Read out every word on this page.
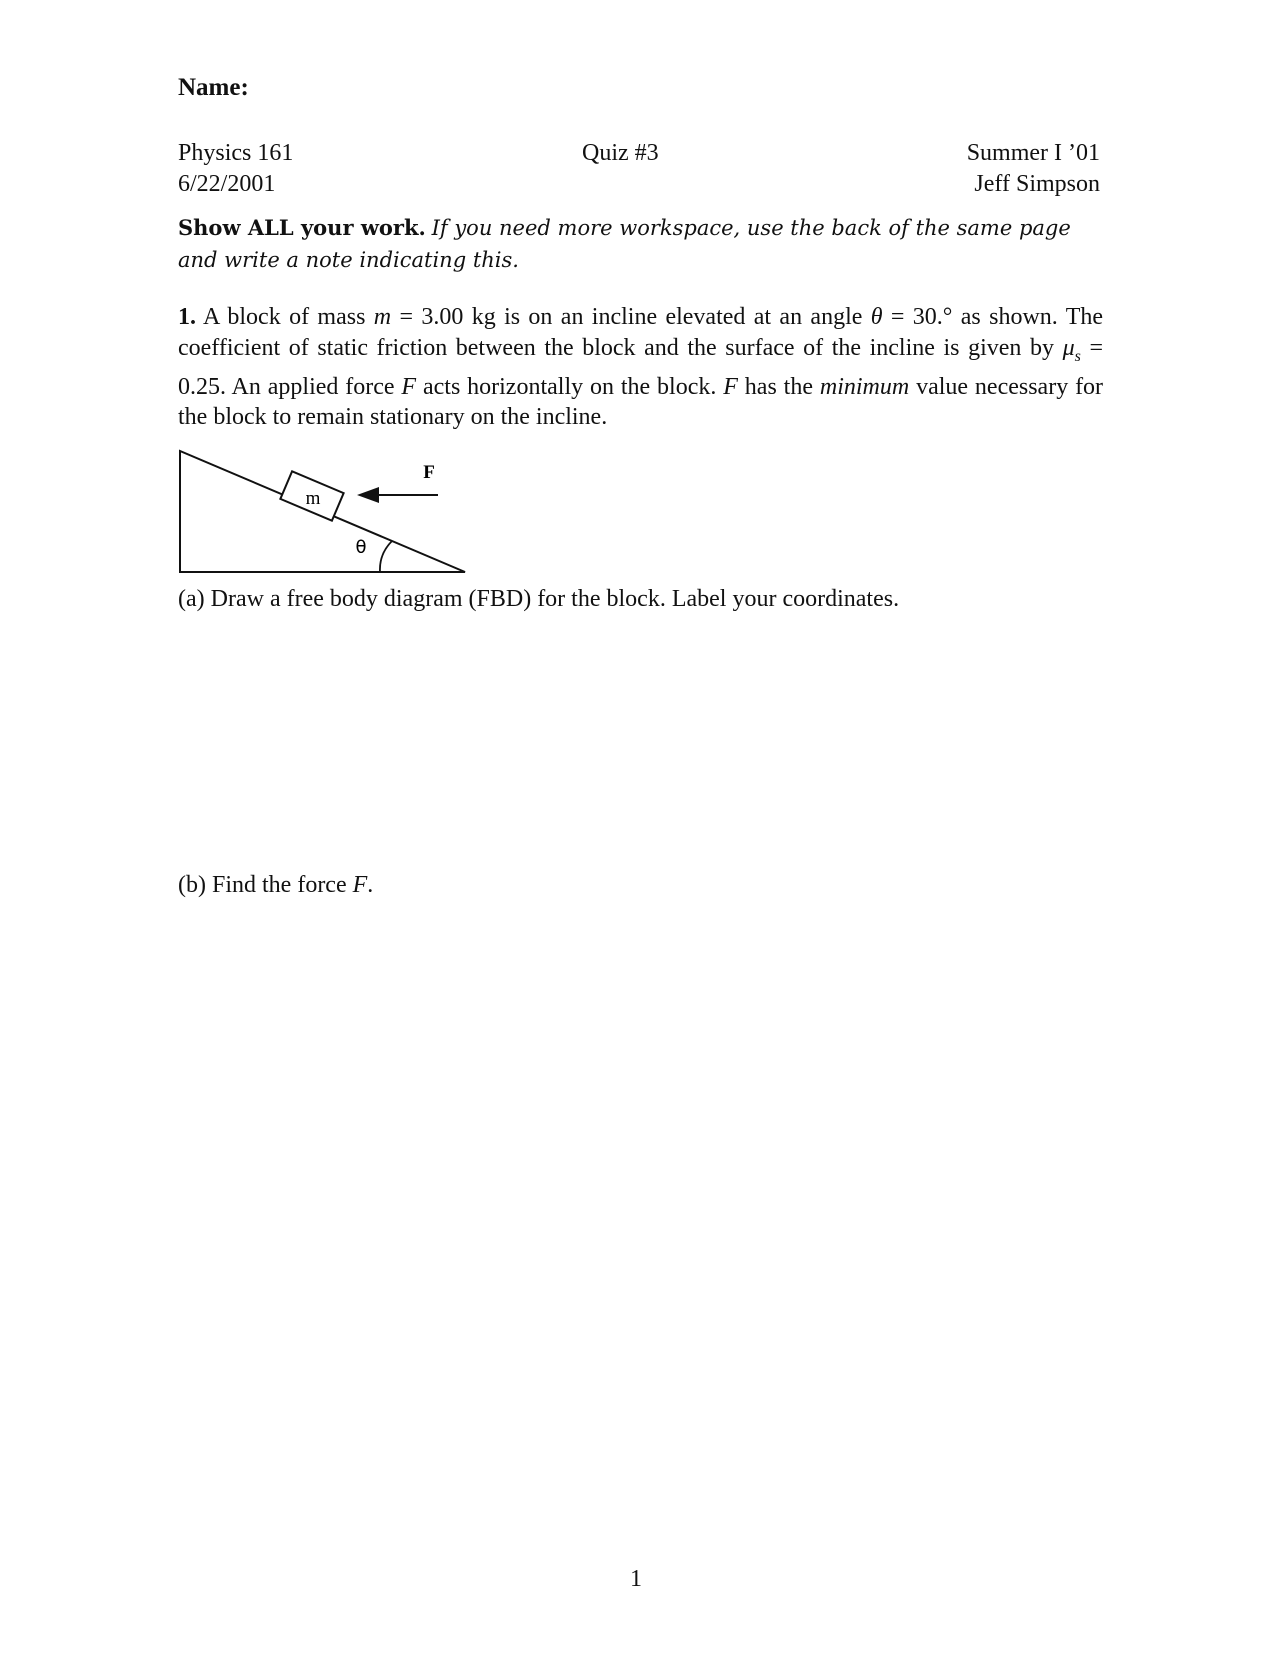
Name:
Physics 161
6/22/2001
Quiz #3	Summer I ’01
Jeff Simpson
Show ALL your work. If you need more workspace, use the back of the same page and write a note indicating this.
1. A block of mass m = 3.00 kg is on an incline elevated at an angle θ = 30.° as shown. The coefficient of static friction between the block and the surface of the incline is given by $\mu_s = 0.25$. An applied force F acts horizontally on the block. F has the minimum value necessary for the block to remain stationary on the incline.
m
F
θ
(a) Draw a free body diagram (FBD) for the block. Label your coordinates.
(b) Find the force F.
1
